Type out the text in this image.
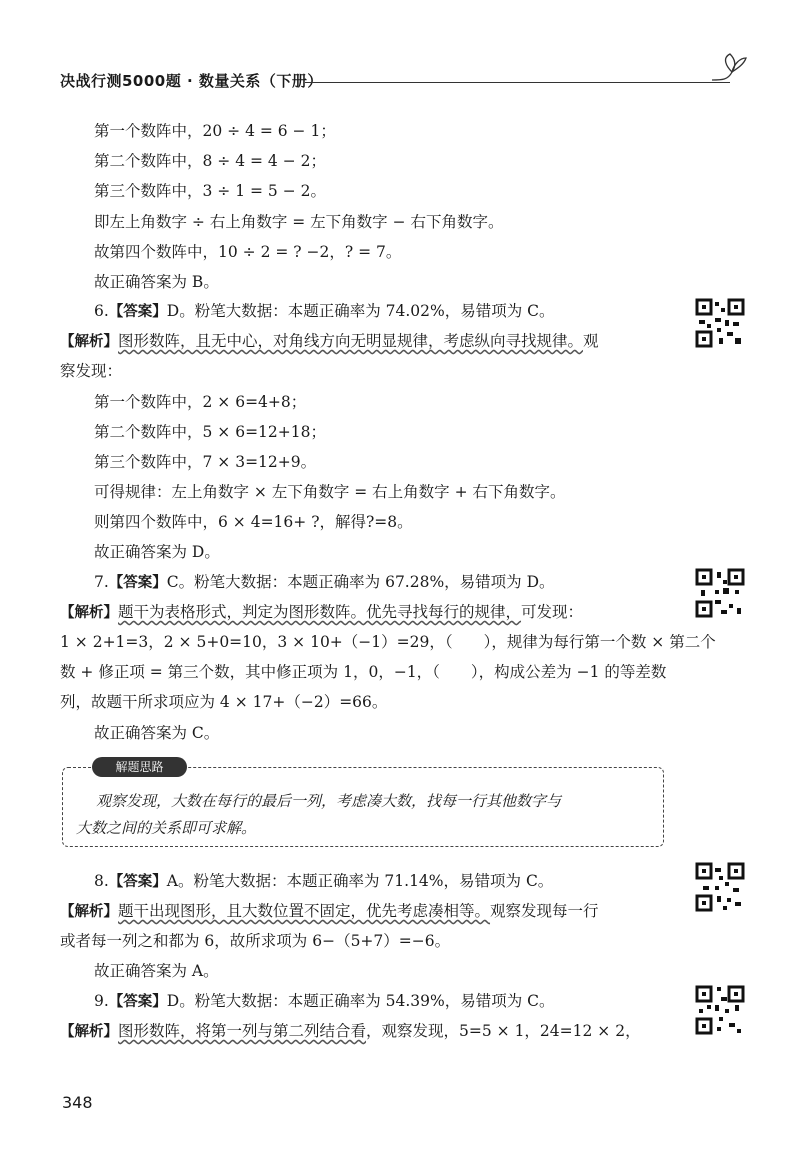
决战行测5000题 · 数量关系（下册）
第一个数阵中，20 ÷ 4 = 6 − 1；
第二个数阵中，8 ÷ 4 = 4 − 2；
第三个数阵中，3 ÷ 1 = 5 − 2。
即左上角数字 ÷ 右上角数字 = 左下角数字 − 右下角数字。
故第四个数阵中，10 ÷ 2 = ? −2，? = 7。
故正确答案为 B。
6.【答案】D。粉笔大数据：本题正确率为 74.02%，易错项为 C。
【解析】图形数阵，且无中心，对角线方向无明显规律，考虑纵向寻找规律。观
察发现：
第一个数阵中，2 × 6=4+8；
第二个数阵中，5 × 6=12+18；
第三个数阵中，7 × 3=12+9。
可得规律：左上角数字 × 左下角数字 = 右上角数字 + 右下角数字。
则第四个数阵中，6 × 4=16+ ?，解得?=8。
故正确答案为 D。
7.【答案】C。粉笔大数据：本题正确率为 67.28%，易错项为 D。
【解析】题干为表格形式，判定为图形数阵。优先寻找每行的规律，可发现：
1 × 2+1=3，2 × 5+0=10，3 × 10+（−1）=29，（　　），规律为每行第一个数 × 第二个
数 + 修正项 = 第三个数，其中修正项为 1，0，−1，（　　），构成公差为 −1 的等差数
列，故题干所求项应为 4 × 17+（−2）=66。
故正确答案为 C。
解题思路
观察发现，大数在每行的最后一列，考虑凑大数，找每一行其他数字与
大数之间的关系即可求解。
8.【答案】A。粉笔大数据：本题正确率为 71.14%，易错项为 C。
【解析】题干出现图形，且大数位置不固定，优先考虑凑相等。观察发现每一行
或者每一列之和都为 6，故所求项为 6−（5+7）=−6。
故正确答案为 A。
9.【答案】D。粉笔大数据：本题正确率为 54.39%，易错项为 C。
【解析】图形数阵，将第一列与第二列结合看，观察发现，5=5 × 1，24=12 × 2，
348
